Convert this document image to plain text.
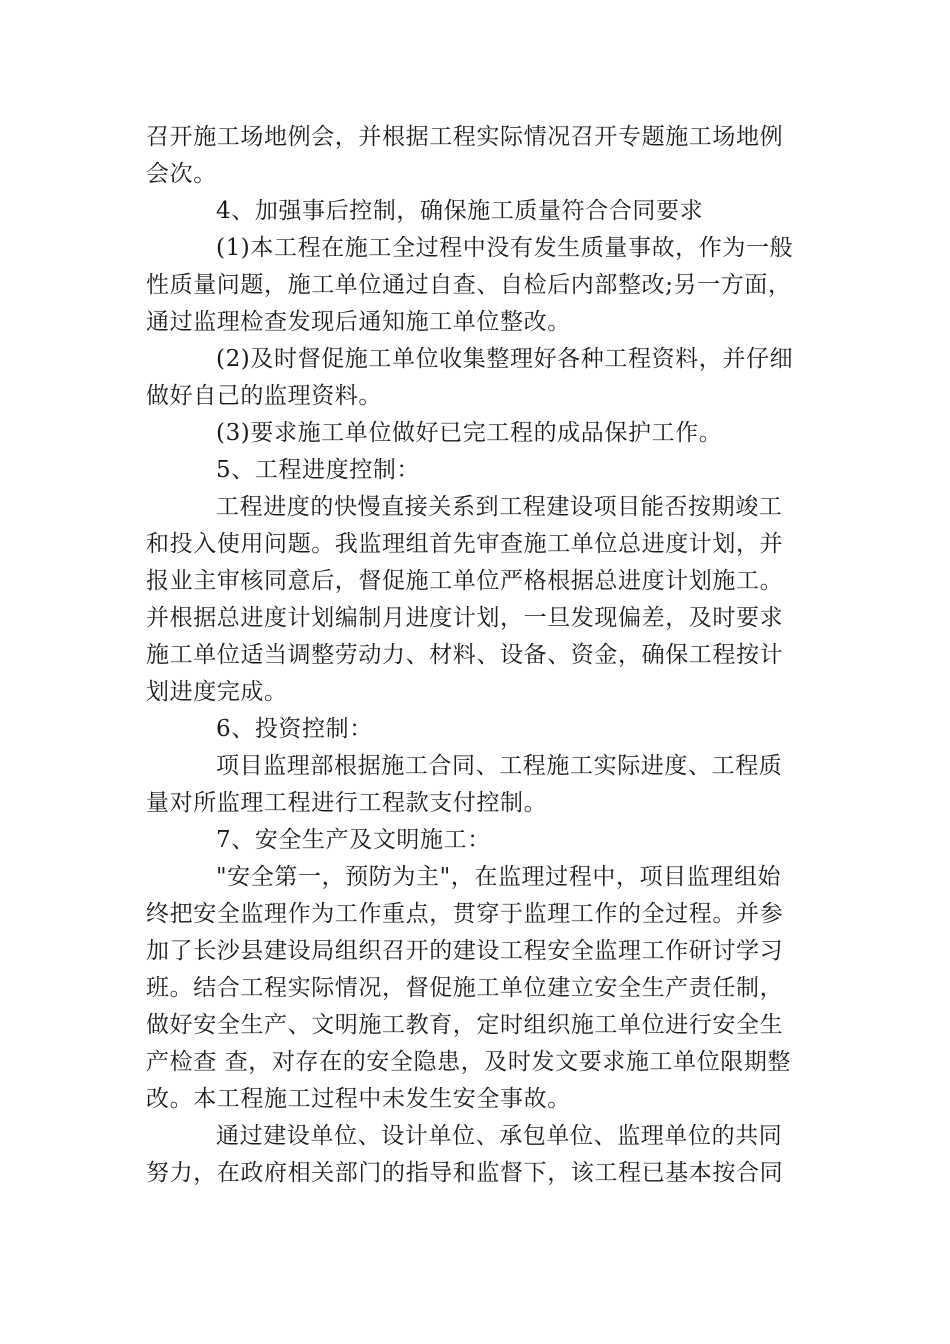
召开施工场地例会，并根据工程实际情况召开专题施工场地例
会次。
4、加强事后控制，确保施工质量符合合同要求
(1)本工程在施工全过程中没有发生质量事故，作为一般
性质量问题，施工单位通过自查、自检后内部整改;另一方面，
通过监理检查发现后通知施工单位整改。
(2)及时督促施工单位收集整理好各种工程资料，并仔细
做好自己的监理资料。
(3)要求施工单位做好已完工程的成品保护工作。
5、工程进度控制：
工程进度的快慢直接关系到工程建设项目能否按期竣工
和投入使用问题。我监理组首先审查施工单位总进度计划，并
报业主审核同意后，督促施工单位严格根据总进度计划施工。
并根据总进度计划编制月进度计划，一旦发现偏差，及时要求
施工单位适当调整劳动力、材料、设备、资金，确保工程按计
划进度完成。
6、投资控制：
项目监理部根据施工合同、工程施工实际进度、工程质
量对所监理工程进行工程款支付控制。
7、安全生产及文明施工：
"安全第一，预防为主"，在监理过程中，项目监理组始
终把安全监理作为工作重点，贯穿于监理工作的全过程。并参
加了长沙县建设局组织召开的建设工程安全监理工作研讨学习
班。结合工程实际情况，督促施工单位建立安全生产责任制，
做好安全生产、文明施工教育，定时组织施工单位进行安全生
产检查 查，对存在的安全隐患，及时发文要求施工单位限期整
改。本工程施工过程中未发生安全事故。
通过建设单位、设计单位、承包单位、监理单位的共同
努力，在政府相关部门的指导和监督下，该工程已基本按合同
